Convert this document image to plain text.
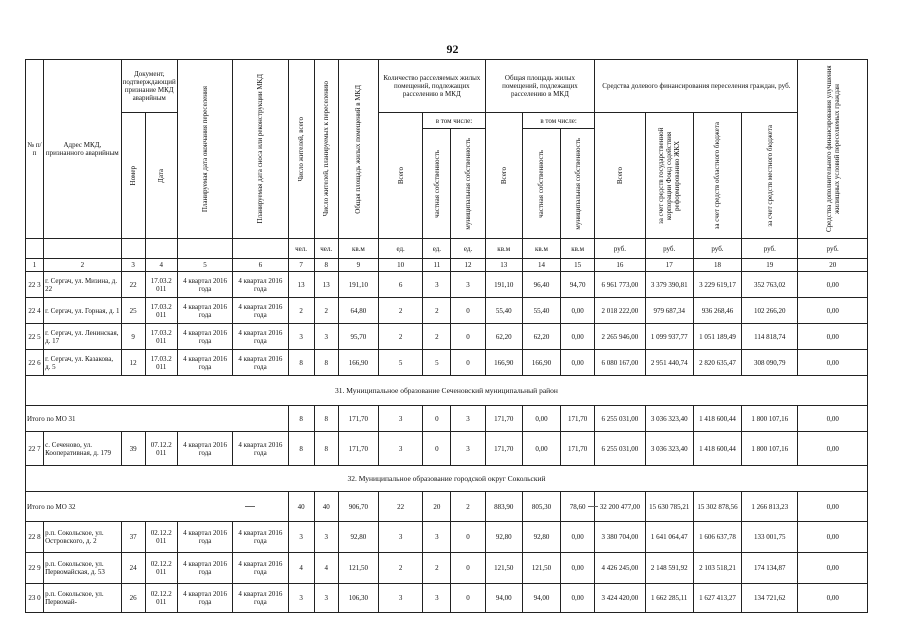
92
№ п/п	Адрес МКД, признанного аварийным	Документ, подтверждающий признание МКД аварийным		Планируемая дата окончания переселения	Планируемая дата сноса или реконструкции МКД	Число жителей, всего	Число жителей, планируемых к переселению	Общая площадь жилых помещений в МКД	Количество расселяемых жилых помещений, подлежащих расселению в МКД			Общая площадь жилых помещений, подлежащих расселению в МКД			Средства долевого финансирования переселения граждан, руб.				Средства дополнительного финансирования улучшения жилищных условий переселяемых граждан

		Номер	Дата						Всего	в том числе:		Всего	в том числе:		Всего	за счет средств государственной корпорации Фонд содействия реформированию ЖКХ	за счет средств областного бюджета	за счет средств местного бюджета	

										частная собственность	муниципальная собственность		частная собственность	муниципальная собственность					

						чел.	чел.	кв.м	ед.	ед.	ед.	кв.м	кв.м	кв.м	руб.	руб.	руб.	руб.	руб.
1	2	3	4	5	6	7	8	9	10	11	12	13	14	15	16	17	18	19	20
22 3	г. Сергач, ул. Мизина, д. 22	22	17.03.2 011	4 квартал 2016 года	4 квартал 2016 года	13	13	191,10	6	3	3	191,10	96,40	94,70	6 961 773,00	3 379 390,81	3 229 619,17	352 763,02	0,00
22 4	г. Сергач, ул. Горная, д. 1	25	17.03.2 011	4 квартал 2016 года	4 квартал 2016 года	2	2	64,80	2	2	0	55,40	55,40	0,00	2 018 222,00	979 687,34	936 268,46	102 266,20	0,00
22 5	г. Сергач, ул. Ленинская, д. 17	9	17.03.2 011	4 квартал 2016 года	4 квартал 2016 года	3	3	95,70	2	2	0	62,20	62,20	0,00	2 265 946,00	1 099 937,77	1 051 189,49	114 818,74	0,00
22 6	г. Сергач, ул. Казакова, д. 5	12	17.03.2 011	4 квартал 2016 года	4 квартал 2016 года	8	8	166,90	5	5	0	166,90	166,90	0,00	6 080 167,00	2 951 440,74	2 820 635,47	308 090,79	0,00
31. Муниципальное образование Сеченовский муниципальный район																			
Итого по МО 31						8	8	171,70	3	0	3	171,70	0,00	171,70	6 255 031,00	3 036 323,40	1 418 600,44	1 800 107,16	0,00
22 7	с. Сеченово, ул. Кооперативная, д. 179	39	07.12.2 011	4 квартал 2016 года	4 квартал 2016 года	8	8	171,70	3	0	3	171,70	0,00	171,70	6 255 031,00	3 036 323,40	1 418 600,44	1 800 107,16	0,00
32. Муниципальное образование городской округ Сокольский																			
Итого по МО 32						40	40	906,70	22	20	2	883,90	805,30	78,60	32 200 477,00	15 630 785,21	15 302 878,56	1 266 813,23	0,00
22 8	р.п. Сокольское, ул. Островского, д. 2	37	02.12.2 011	4 квартал 2016 года	4 квартал 2016 года	3	3	92,80	3	3	0	92,80	92,80	0,00	3 380 704,00	1 641 064,47	1 606 637,78	133 001,75	0,00
22 9	р.п. Сокольское, ул. Первомайская, д. 53	24	02.12.2 011	4 квартал 2016 года	4 квартал 2016 года	4	4	121,50	2	2	0	121,50	121,50	0,00	4 426 245,00	2 148 591,92	2 103 518,21	174 134,87	0,00
23 0	р.п. Сокольское, ул. Первомай-	26	02.12.2 011	4 квартал 2016 года	4 квартал 2016 года	3	3	106,30	3	3	0	94,00	94,00	0,00	3 424 420,00	1 662 285,11	1 627 413,27	134 721,62	0,00
